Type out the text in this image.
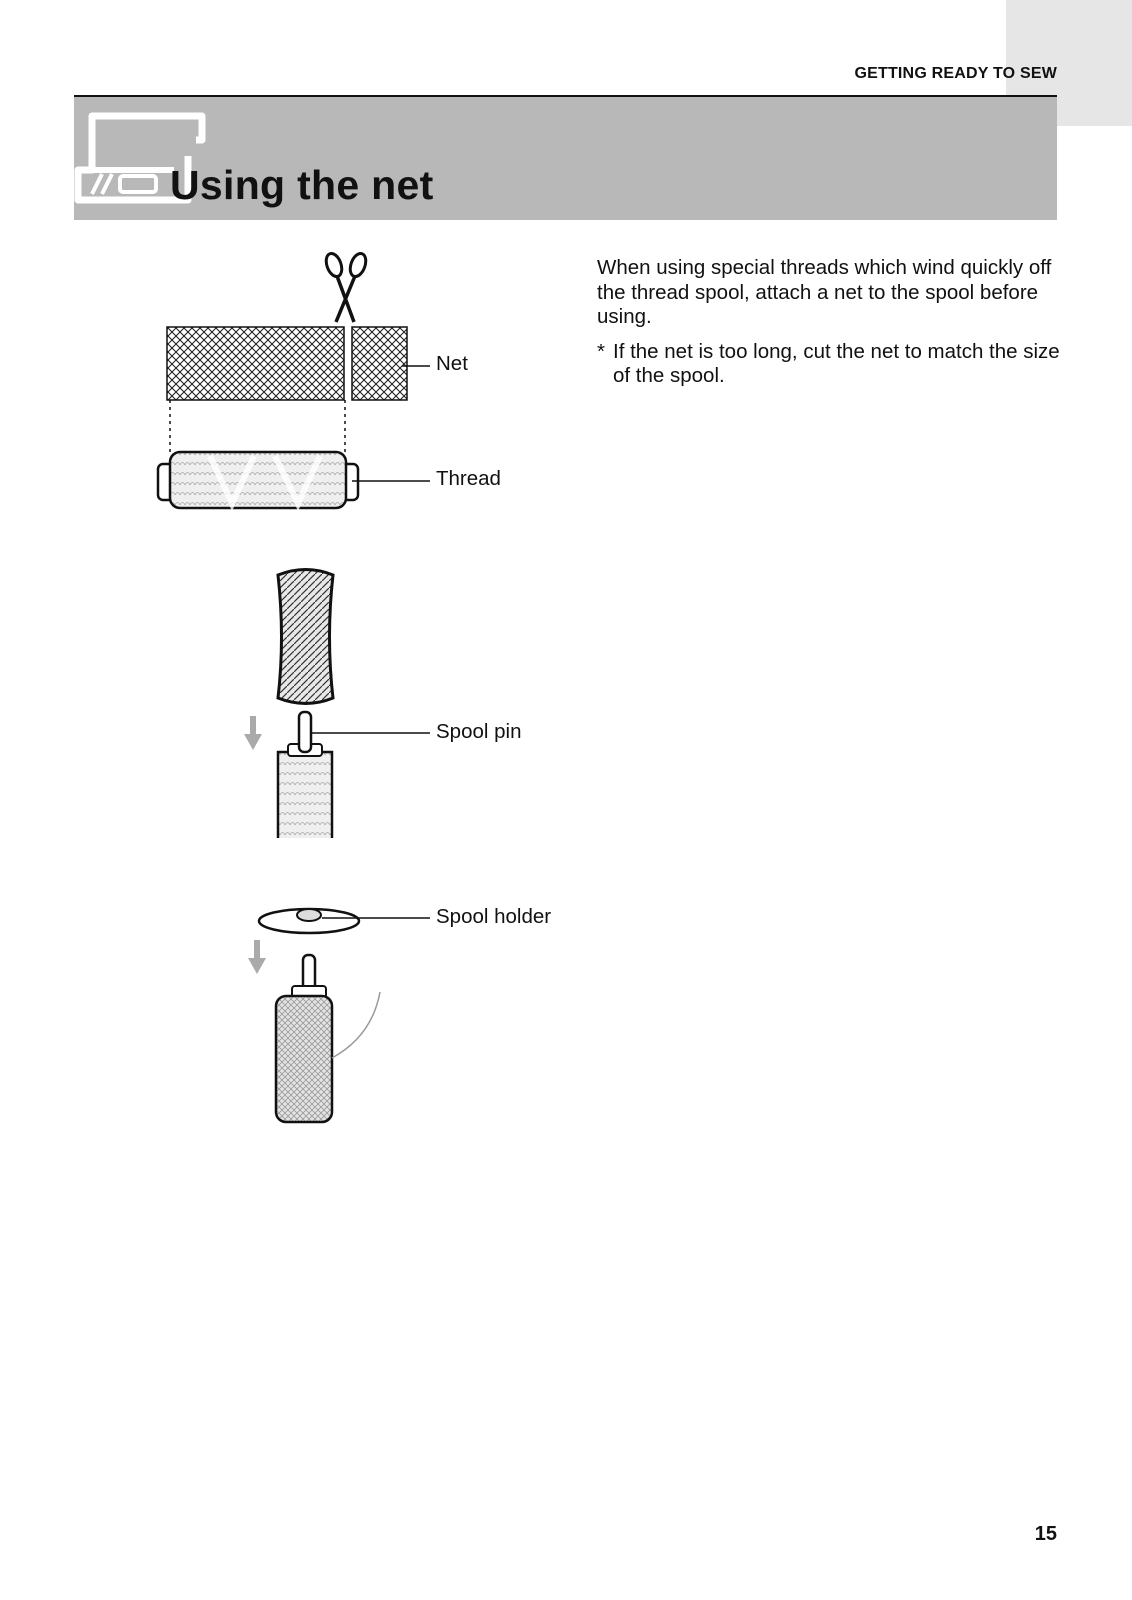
GETTING READY TO SEW
Using the net

When using special threads which wind quickly off the thread spool, attach a net to the spool before using.

* If the net is too long, cut the net to match the size of the spool.
Net
Thread
Spool pin
Spool holder
15
